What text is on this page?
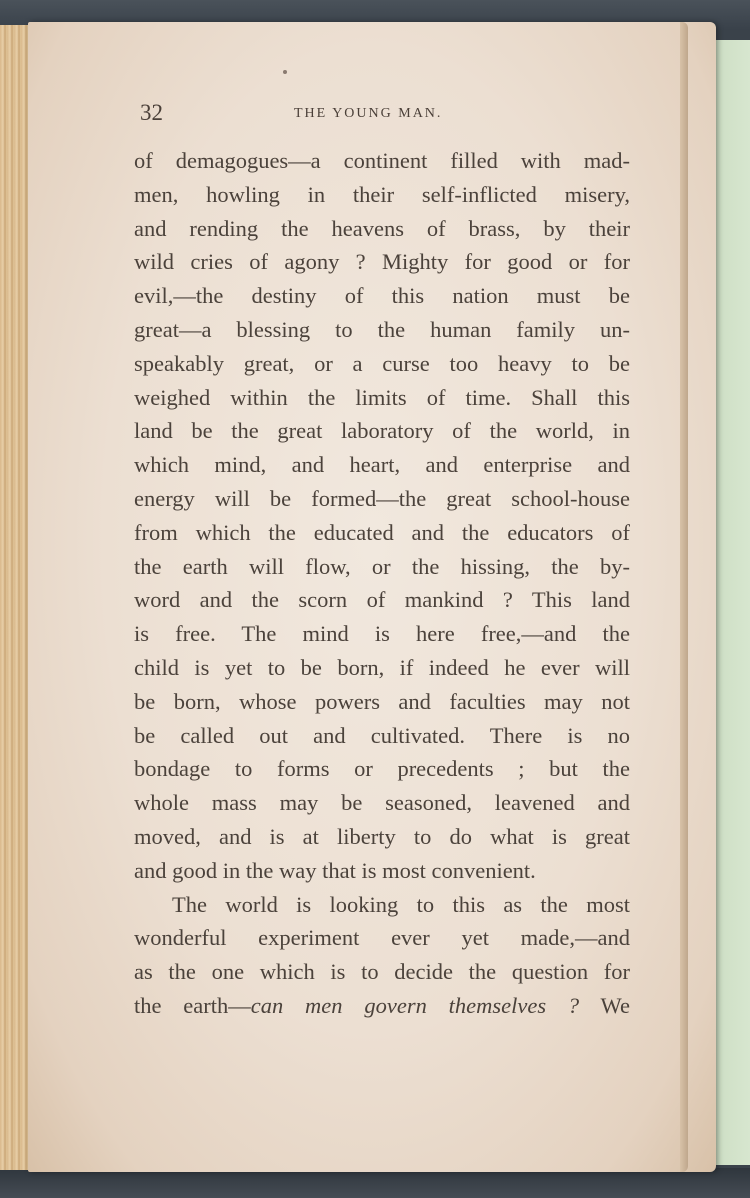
32	THE YOUNG MAN.
of demagogues—a continent filled with mad-
men, howling in their self-inflicted misery,
and rending the heavens of brass, by their
wild cries of agony ? Mighty for good or for
evil,—the destiny of this nation must be
great—a blessing to the human family un-
speakably great, or a curse too heavy to be
weighed within the limits of time. Shall this
land be the great laboratory of the world, in
which mind, and heart, and enterprise and
energy will be formed—the great school-house
from which the educated and the educators of
the earth will flow, or the hissing, the by-
word and the scorn of mankind ? This land
is free. The mind is here free,—and the
child is yet to be born, if indeed he ever will
be born, whose powers and faculties may not
be called out and cultivated. There is no
bondage to forms or precedents ; but the
whole mass may be seasoned, leavened and
moved, and is at liberty to do what is great
and good in the way that is most convenient.
The world is looking to this as the most
wonderful experiment ever yet made,—and
as the one which is to decide the question for
the earth—can men govern themselves ? We
